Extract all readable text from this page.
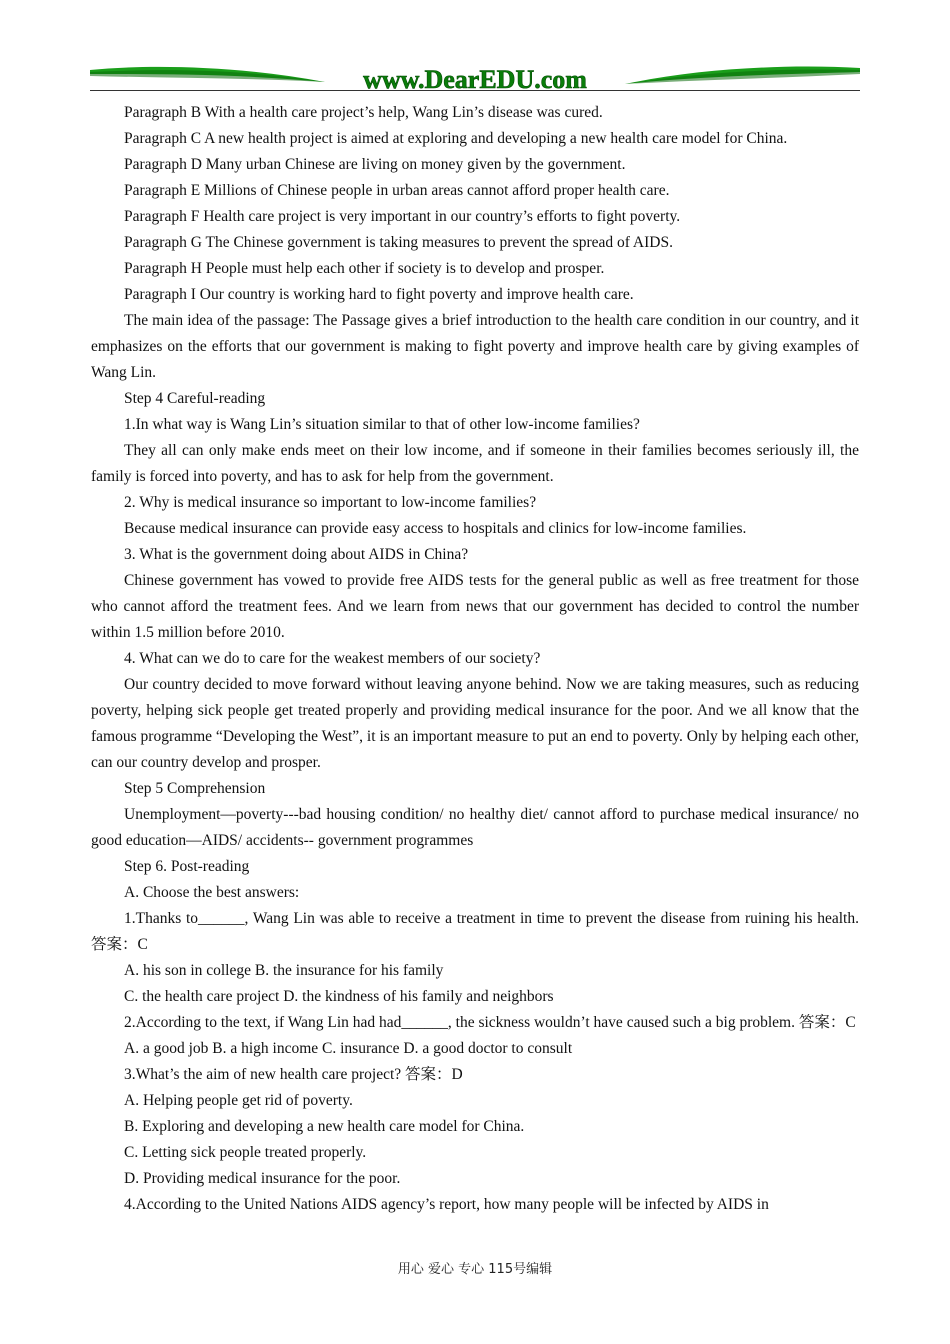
www.DearEDU.com

Paragraph B With a health care project’s help, Wang Lin’s disease was cured.

Paragraph C A new health project is aimed at exploring and developing a new health care model for China.

Paragraph D Many urban Chinese are living on money given by the government.

Paragraph E Millions of Chinese people in urban areas cannot afford proper health care.

Paragraph F Health care project is very important in our country’s efforts to fight poverty.

Paragraph G The Chinese government is taking measures to prevent the spread of AIDS.

Paragraph H People must help each other if society is to develop and prosper.

Paragraph I Our country is working hard to fight poverty and improve health care.

The main idea of the passage: The Passage gives a brief introduction to the health care condition in our country, and it emphasizes on the efforts that our government is making to fight poverty and improve health care by giving examples of Wang Lin.

Step 4 Careful-reading

1.In what way is Wang Lin’s situation similar to that of other low-income families?

They all can only make ends meet on their low income, and if someone in their families becomes seriously ill, the family is forced into poverty, and has to ask for help from the government.

2. Why is medical insurance so important to low-income families?

Because medical insurance can provide easy access to hospitals and clinics for low-income families.

3. What is the government doing about AIDS in China?

Chinese government has vowed to provide free AIDS tests for the general public as well as free treatment for those who cannot afford the treatment fees. And we learn from news that our government has decided to control the number within 1.5 million before 2010.

4. What can we do to care for the weakest members of our society?

Our country decided to move forward without leaving anyone behind. Now we are taking measures, such as reducing poverty, helping sick people get treated properly and providing medical insurance for the poor. And we all know that the famous programme “Developing the West”, it is an important measure to put an end to poverty. Only by helping each other, can our country develop and prosper.

Step 5 Comprehension

Unemployment—poverty---bad housing condition/ no healthy diet/ cannot afford to purchase medical insurance/ no good education—AIDS/ accidents-- government programmes

Step 6. Post-reading

A. Choose the best answers:

1.Thanks to______, Wang Lin was able to receive a treatment in time to prevent the disease from ruining his health. 答案：C

A. his son in college B. the insurance for his family

C. the health care project D. the kindness of his family and neighbors

2.According to the text, if Wang Lin had had______, the sickness wouldn’t have caused such a big problem. 答案：C

A. a good job B. a high income C. insurance D. a good doctor to consult

3.What’s the aim of new health care project? 答案：D

A. Helping people get rid of poverty.

B. Exploring and developing a new health care model for China.

C. Letting sick people treated properly.

D. Providing medical insurance for the poor.

4.According to the United Nations AIDS agency’s report, how many people will be infected by AIDS in

用心 爱心 专心 115号编辑
